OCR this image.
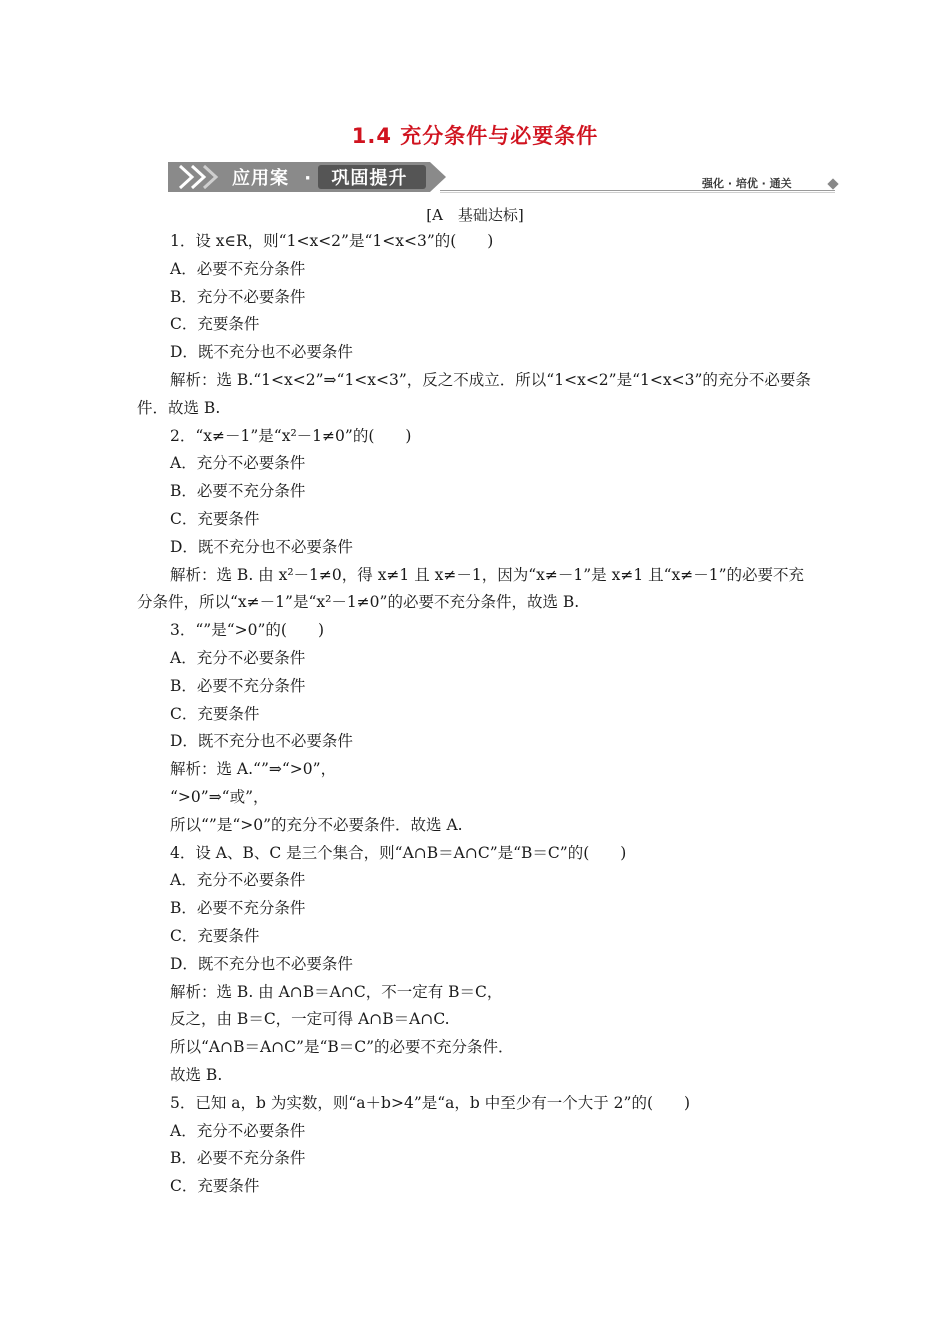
1.4 充分条件与必要条件
应用案 · 巩固提升	强化 · 培优 · 通关
[A　基础达标]
1．设 x∈R，则“1<x<2”是“1<x<3”的(　　)
A．必要不充分条件
B．充分不必要条件
C．充要条件
D．既不充分也不必要条件
解析：选 B.“1<x<2”⇒“1<x<3”，反之不成立．所以“1<x<2”是“1<x<3”的充分不必要条件．故选 B.
2．“x≠－1”是“x²－1≠0”的(　　)
A．充分不必要条件
B．必要不充分条件
C．充要条件
D．既不充分也不必要条件
解析：选 B. 由 x²－1≠0，得 x≠1 且 x≠－1，因为“x≠－1”是 x≠1 且“x≠－1”的必要不充分条件，所以“x≠－1”是“x²－1≠0”的必要不充分条件，故选 B.
3．“”是“>0”的(　　)
A．充分不必要条件
B．必要不充分条件
C．充要条件
D．既不充分也不必要条件
解析：选 A.“”⇒“>0”，
“>0”⇒“或”，
所以“”是“>0”的充分不必要条件．故选 A.
4．设 A、B、C 是三个集合，则“A∩B＝A∩C”是“B＝C”的(　　)
A．充分不必要条件
B．必要不充分条件
C．充要条件
D．既不充分也不必要条件
解析：选 B. 由 A∩B＝A∩C，不一定有 B＝C，
反之，由 B＝C，一定可得 A∩B＝A∩C.
所以“A∩B＝A∩C”是“B＝C”的必要不充分条件．
故选 B.
5．已知 a，b 为实数，则“a＋b>4”是“a，b 中至少有一个大于 2”的(　　)
A．充分不必要条件
B．必要不充分条件
C．充要条件
